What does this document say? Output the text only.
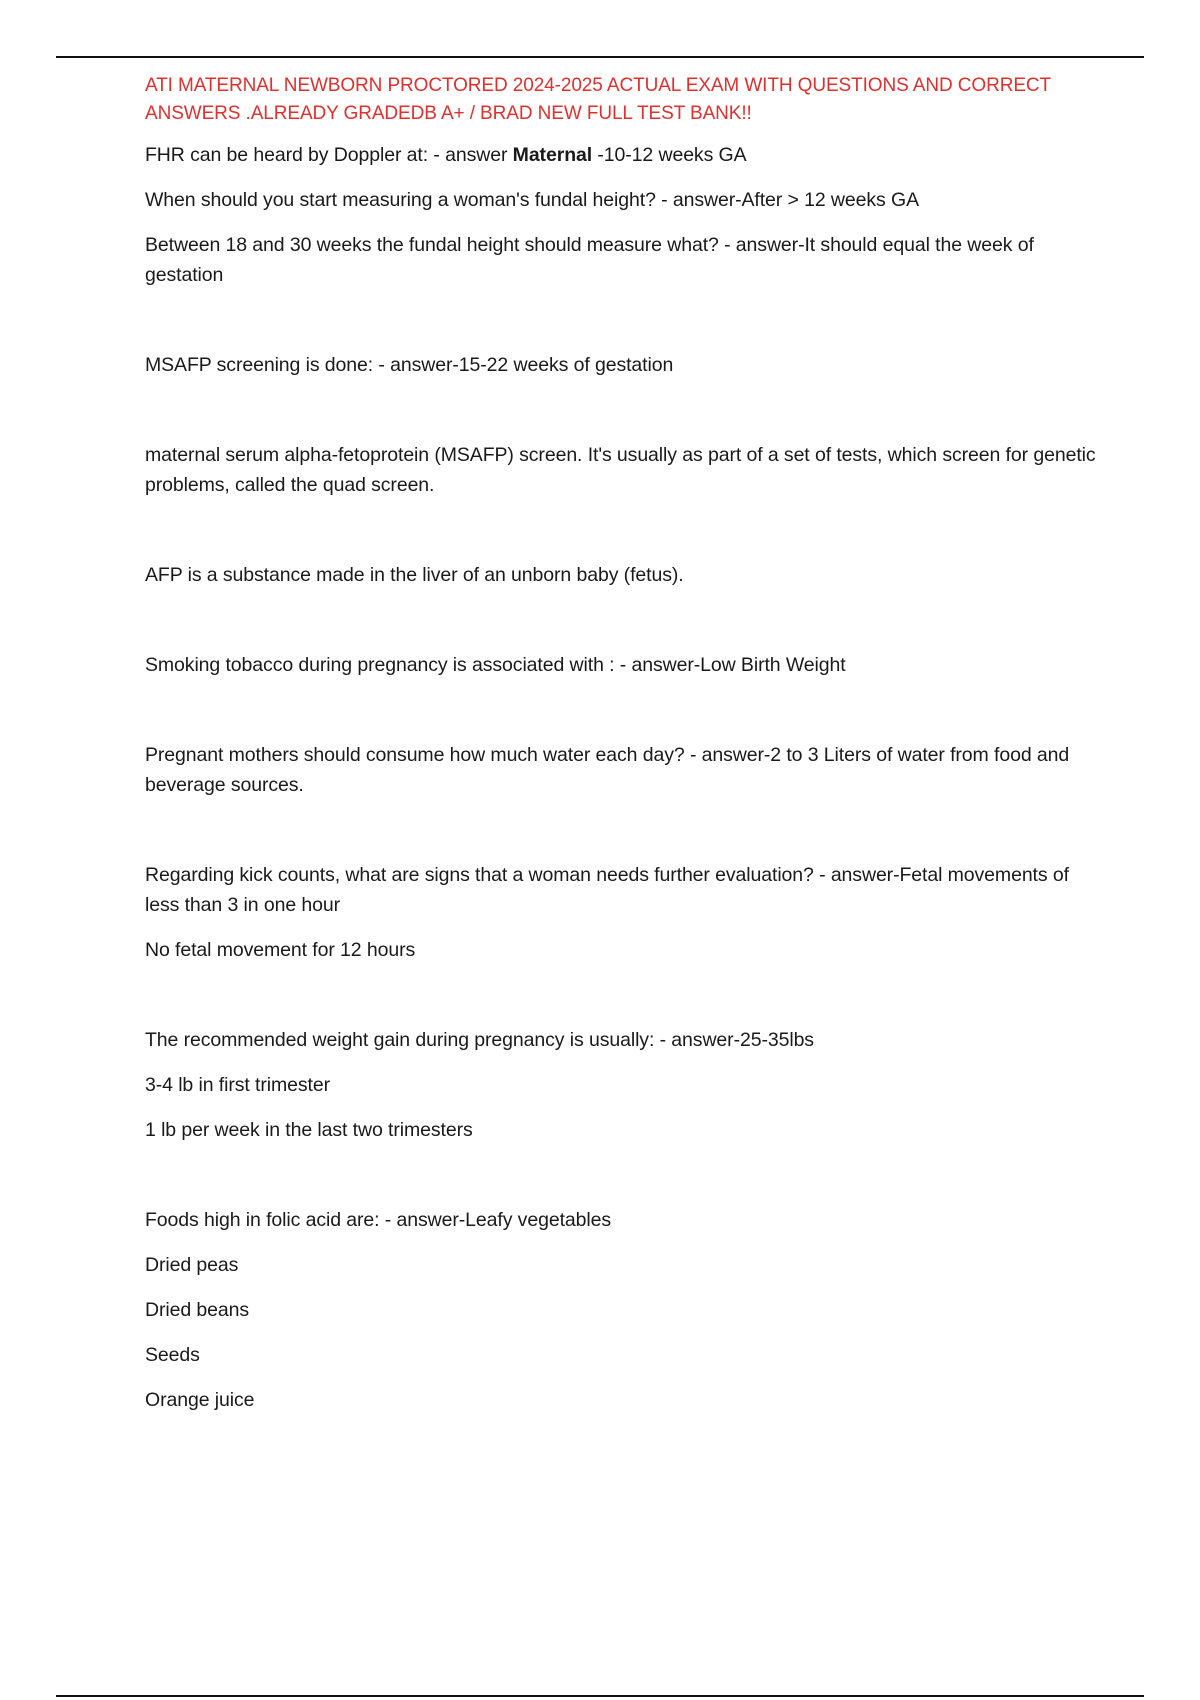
ATI MATERNAL NEWBORN PROCTORED 2024-2025 ACTUAL EXAM WITH QUESTIONS AND CORRECT ANSWERS .ALREADY GRADEDB A+ / BRAD NEW FULL TEST BANK!!

FHR can be heard by Doppler at: - answer Maternal -10-12 weeks GA

When should you start measuring a woman's fundal height? - answer-After > 12 weeks GA

Between 18 and 30 weeks the fundal height should measure what? - answer-It should equal the week of gestation

MSAFP screening is done: - answer-15-22 weeks of gestation

maternal serum alpha-fetoprotein (MSAFP) screen. It's usually as part of a set of tests, which screen for genetic problems, called the quad screen.

AFP is a substance made in the liver of an unborn baby (fetus).

Smoking tobacco during pregnancy is associated with : - answer-Low Birth Weight

Pregnant mothers should consume how much water each day? - answer-2 to 3 Liters of water from food and beverage sources.

Regarding kick counts, what are signs that a woman needs further evaluation? - answer-Fetal movements of less than 3 in one hour

No fetal movement for 12 hours

The recommended weight gain during pregnancy is usually: - answer-25-35lbs

3-4 lb in first trimester

1 lb per week in the last two trimesters

Foods high in folic acid are: - answer-Leafy vegetables

Dried peas

Dried beans

Seeds

Orange juice
